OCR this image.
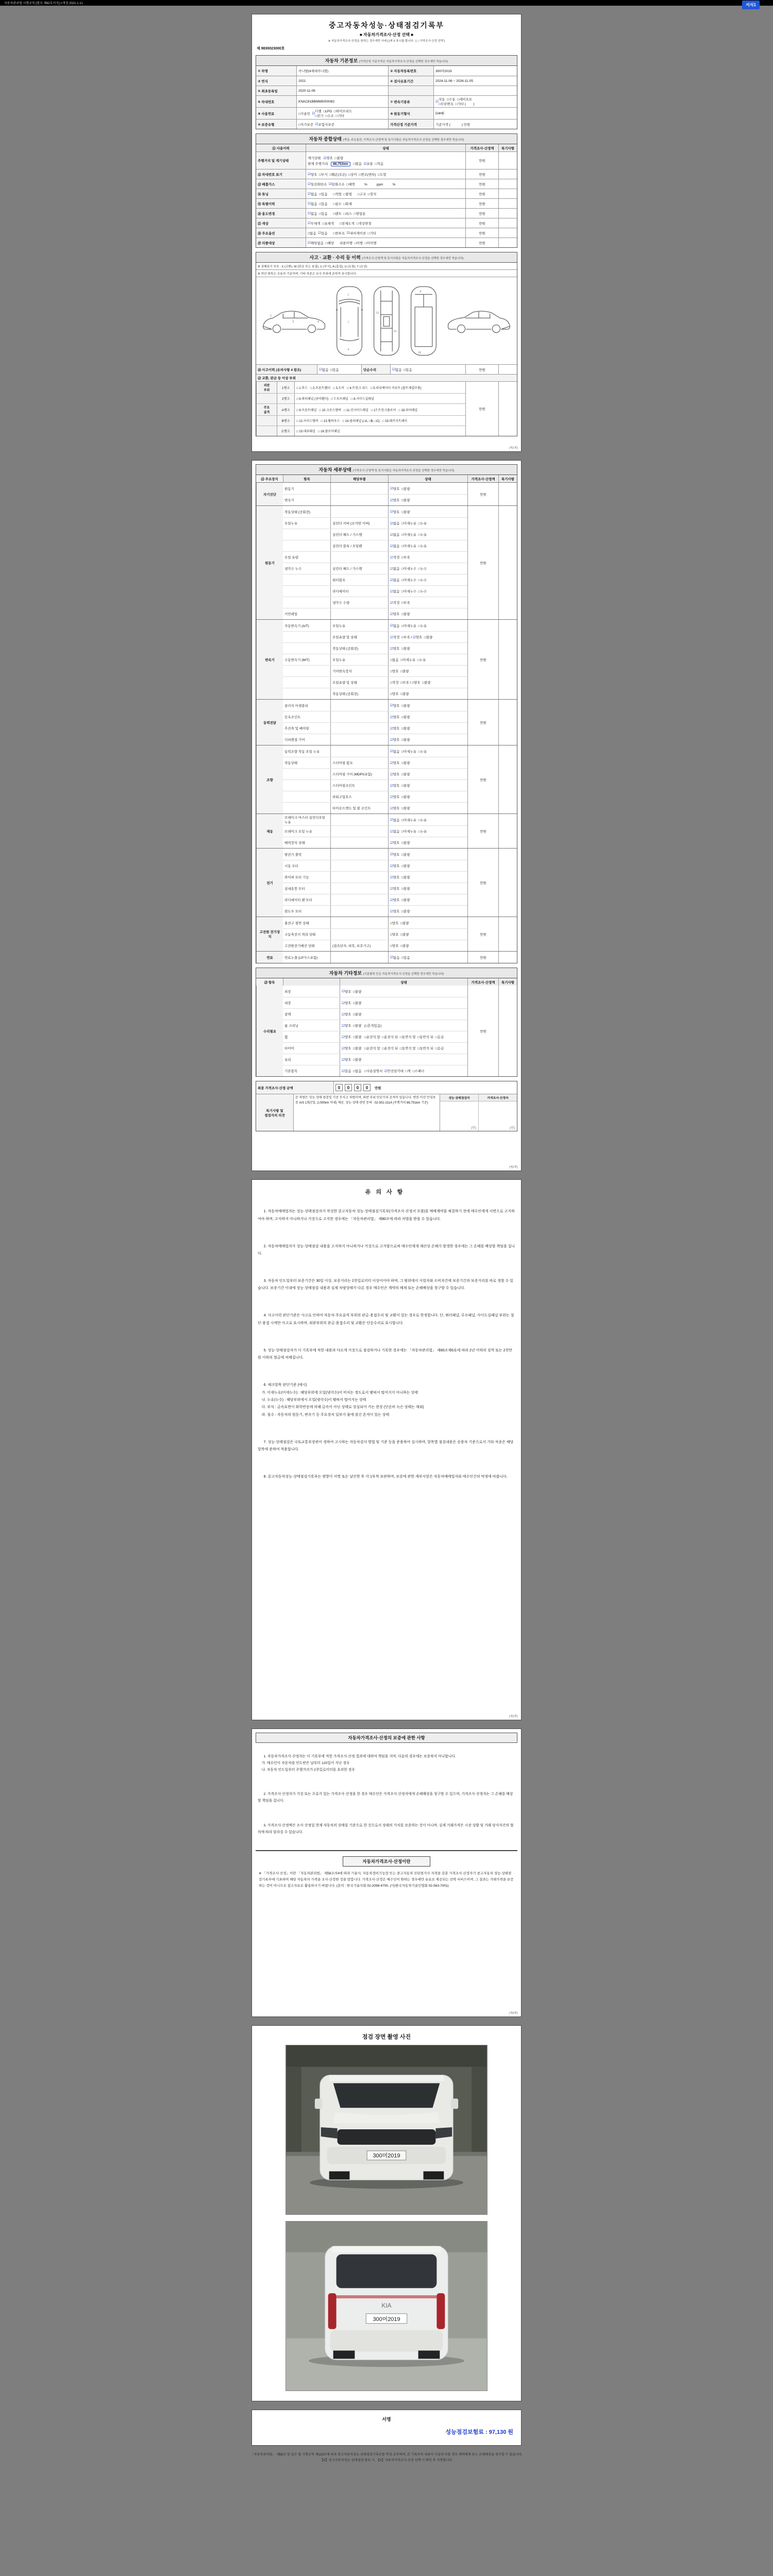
자동차관리법 시행규칙 [별지 제82호서식] <개정 2021.1.1>	서식1
중고자동차성능·상태점검기록부
■ 자동차가격조사·산정 선택 ■
※ 자동차가격조사·산정을 원하는 경우에만 아래 [ ]에 V 표시를 합니다.  [ □ 가격조사·산정 선택 ]
제 9830023000호
자동차 기본정보 (가격산정 기준가격은 자동차가격조사·산정을 선택한 경우에만 적습니다)
① 차명	카니발(4세대카니발)	② 자동차등록번호	300머2019
③ 연식	2021	④ 검사유효기간	2024-11-06 ~ 2026-11-05
⑤ 최초등록일	2020-11-06
⑥ 차대번호	KNAC81BBMM5000082	⑦ 변속기종류	☑
자동  □수동  □세미오토
□무단변속  □기타 (        )
⑧ 사용연료	□가솔린 ☑
디젤  □LPG  □하이브리드
□전기  □수소  □기타
⑨ 원동기형식	D4HE
⑩ 보증유형	□자가보증 ☑ 보험사보증	가격산정 기준가격	기준가격 (            ) 만원
자동차 종합상태 (색상, 주요옵션, 가격조사·산정액 및 특기사항은 자동차가격조사·산정을 선택한 경우에만 적습니다)
⑪ 사용이력	상태	가격조사·산정액	특기사항
주행거리 및 계기상태
계기상태   ☑양호  □불량
현재 주행거리 86,751km □많음  ☑보통  □적음
만원
⑫ 차대번호 표기	☑ 양호  □부식  □훼손(오손)  □상이  □변조(변타)  □도말	만원
⑬ 배출가스	☑ 일산화탄소 ☑ 탄화수소  □매연          %          ppm          %	만원
⑭ 튜닝	☑ 없음  □있음      □적법  □불법      □구조  □장치	만원
⑮ 특별이력	☑ 없음  □있음      □침수  □화재	만원
⑯ 용도변경	☑ 없음  □있음      □렌트  □리스  □영업용	만원
⑰ 색상	☑ 무채색  □유채색      □전체도색  □색상변경	만원
⑱ 주요옵션	□없음 ☑ 있음      □썬루프 ☑ 네비게이션  □기타	만원
⑲ 리콜대상	☑ 해당없음  □해당      리콜이행  □이행  □미이행	만원
사고 · 교환 · 수리 등 이력 (가격조사·산정액 및 특기사항은 자동차가격조사·산정을 선택한 경우에만 적습니다)
※ 상태표시 부호 : X (교환), W (판금 또는 용접), C (부식), A (흠집), U (요철), T (손상)
※ 하단 항목은 승용차 기준이며, 기타 차종은 유사 부위에 준하여 표시합니다.
2
3	6
1
7
4
12
16
9
18
⑳ 사고이력 (유의사항 4 참조)	☑ 없음  □있음	단순수리	☑ 없음  □있음	만원
㉑ 교환, 판금 등 이상 부위
외판
부위
1랭크	□ 1.후드   □ 2.프론트휀더   □ 3.도어   □ 4.트렁크 리드   □ 5.라디에이터 서포트 (볼트체결부품)
2랭크	□ 6.쿼터패널 (리어휀더)   □ 7.루프패널   □ 8.사이드실패널
주요
골격
A랭크	□ 9.프론트패널   □ 10.크로스멤버   □ 11.인사이드패널   □ 17.트렁크플로어   □ 18.리어패널
B랭크	□ 12.사이드멤버   □ 13.휠하우스   □ 14.필러패널 (□A, □B, □C)   □ 19.패키지트레이
C랭크	□ 15.대쉬패널   □ 16.플로어패널
만원
(제1쪽)
자동차 세부상태 (가격조사·산정액 및 특기사항은 자동차가격조사·산정을 선택한 경우에만 적습니다)
㉒ 주요장치	항목	해당부품	상태	가격조사·산정액	특기사항
자기진단
원동기	☑ 양호  □불량
변속기	☑ 양호  □불량
만원
원동기
작동상태 (공회전)	☑ 양호  □불량
오일누유	실린더 커버 (로커암 커버)	☑ 없음  □미세누유  □누유
실린더 헤드 / 가스켓	☑ 없음  □미세누유  □누유
실린더 블록 / 오일팬	☑ 없음  □미세누유  □누유
오일 유량	☑ 적정  □부족
냉각수 누수	실린더 헤드 / 가스켓	☑ 없음  □미세누수  □누수
워터펌프	☑ 없음  □미세누수  □누수
라디에이터	☑ 없음  □미세누수  □누수
냉각수 수량	☑ 적정  □부족
커먼레일	☑ 양호  □불량
만원
변속기
자동변속기 (A/T)	오일누유	☑ 없음  □미세누유  □누유
오일유량 및 상태	☑ 적정  □부족 / ☑ 양호  □불량
작동상태 (공회전)	☑ 양호  □불량
수동변속기 (M/T)	오일누유	□없음  □미세누유  □누유
기어변속장치	□양호  □불량
오일유량 및 상태	□적정  □부족 / □양호  □불량
작동상태 (공회전)	□양호  □불량
만원
동력전달
클러치 어셈블리	☑ 양호  □불량
등속조인트	☑ 양호  □불량
추진축 및 베어링	☑ 양호  □불량
디퍼렌셜 기어	☑ 양호  □불량
만원
조향
동력조향 작동 오일 누유	☑ 없음  □미세누유  □누유
작동상태	스티어링 펌프	☑ 양호  □불량
스티어링 기어 (MDPS포함)	☑ 양호  □불량
스티어링조인트	☑ 양호  □불량
파워고압호스	☑ 양호  □불량
타이로드엔드 및 볼 조인트	☑ 양호  □불량
만원
제동
브레이크 마스터 실린더오일 누유
☑ 없음  □미세누유  □누유
브레이크 오일 누유	☑ 없음  □미세누유  □누유
배력장치 상태	☑ 양호  □불량
만원
전기
발전기 출력	☑ 양호  □불량
시동 모터	☑ 양호  □불량
와이퍼 모터 기능	☑ 양호  □불량
실내송풍 모터	☑ 양호  □불량
라디에이터 팬 모터	☑ 양호  □불량
윈도우 모터	☑ 양호  □불량
만원
고전원 전기장치
충전구 절연 상태	□양호  □불량
구동축전지 격리 상태	□양호  □불량
고전원전기배선 상태	(접속단자, 피복, 보호기구)	□양호  □불량
만원
연료	연료누출 (LP가스포함)	☑ 없음  □있음	만원
자동차 기타정보 (기본품목 등은 자동차가격조사·산정을 선택한 경우에만 적습니다)
㉓ 항목	상태	가격조사·산정액	특기사항
수리필요
외장	☑ 양호  □불량
내장	☑ 양호  □불량
광택	☑ 양호  □불량
룸 크리닝	☑ 양호  □불량   (□흔적있음)
휠	☑ 양호  □불량   □운전석 앞  □운전석 뒤  □동반석 앞  □동반석 뒤  □응급
타이어	☑ 양호  □불량   □운전석 앞  □운전석 뒤  □동반석 앞  □동반석 뒤  □응급
유리	☑ 양호  □불량
기본품목	☑ 있음  □없음   □사용설명서 ☑ 안전삼각대  □잭  □스패너
만원
최종 가격조사·산정 금액	0 0 0 0 만원
특기사항 및
점검자의 의견
본 차량은 성능·상태 점검일 기준 무사고 차량이며, 외판 부위 단순수리 흔적이 있습니다. 엔진·미션 안심보증 A/S 1회(7일, 2,000km 이내) 제공. 성능·상태 관련 문의 : 02-501-2114 (주행거리 86,751km 기준)
성능·상태점검자
(인)
가격조사·산정자
(인)
(제2쪽)
유의사항

1. 자동차매매업자는 성능·상태점검자가 작성한 중고자동차 성능·상태점검기록부(가격조사·산정서 포함)를 매매계약을 체결하기 전에 매수인에게 서면으로 고지하여야 하며, 고지하지 아니하거나 거짓으로 고지한 경우에는 「자동차관리법」 제80조에 따라 처벌을 받을 수 있습니다.

2. 자동차매매업자가 성능·상태점검 내용을 고지하지 아니하거나 거짓으로 고지함으로써 매수인에게 재산상 손해가 발생한 경우에는 그 손해를 배상할 책임을 집니다.

3. 자동차 인도일부터 보증기간은 30일 이상, 보증거리는 2천킬로미터 이상이어야 하며, 그 범위에서 사업자와 소비자간에 보증기간과 보증거리를 따로 정할 수 있습니다. 보증기간 이내에 성능·상태점검 내용과 실제 차량상태가 다른 경우 매수인은 계약의 해제 또는 손해배상을 청구할 수 있습니다.

4. 사고이력 판단기준은 사고로 인하여 자동차 주요골격 부위의 판금·용접수리 및 교환이 있는 경우로 한정합니다. 단, 쿼터패널, 루프패널, 사이드실패널 부위는 절단·용접 시에만 사고로 표시하며, 외판부위의 판금·용접수리 및 교환은 단순수리로 표시합니다.

5. 성능·상태점검자가 이 기록부에 적힌 내용과 다르게 거짓으로 점검하거나 기록한 경우에는 「자동차관리법」 제80조제6호에 따라 2년 이하의 징역 또는 2천만원 이하의 벌금에 처해집니다.

6. 체크항목 판단기준 (예시)
가. 미세누유(미세누수) : 해당부위에 오일(냉각수)이 비치는 정도로서 맺혀서 떨어지지 아니하는 상태
나. 누유(누수) : 해당부위에서 오일(냉각수)이 맺혀서 떨어지는 상태
다. 부식 : 금속표면이 화학반응에 의해 금속이 아닌 상태로 상실되어 가는 현상 (단순히 녹슨 상태는 제외)
라. 침수 : 자동차의 원동기, 변속기 등 주요장치 일부가 물에 잠긴 흔적이 있는 상태

7. 성능·상태점검은 국토교통부장관이 정하여 고시하는 자동차검사 방법 및 기준 등을 준용하여 실시하며, 항목별 점검내용은 승용차 기준으로서 기타 차종은 해당 항목에 준하여 적용합니다.

8. 중고자동차성능·상태점검기록부는 쌍방이 서명 또는 날인한 후 각 1부씩 보관하며, 보증에 관한 세부사항은 자동차매매업자와 매수인간의 약정에 따릅니다.

(제3쪽)
자동차가격조사·산정의 보증에 관한 사항

1. 자동차가격조사·산정자는 이 기록부에 적힌 가격조사·산정 결과에 대하여 책임을 지며, 다음의 경우에는 보증하지 아니합니다.
가. 매수인이 자동차를 인도받은 날부터 120일이 지난 경우
나. 자동차 인도일부터 주행거리가 2천킬로미터를 초과한 경우

2. 가격조사·산정자가 거짓 또는 오류가 있는 가격조사·산정을 한 경우 매수인은 가격조사·산정자에게 손해배상을 청구할 수 있으며, 가격조사·산정자는 그 손해를 배상할 책임을 집니다.

3. 가격조사·산정액은 조사·산정일 현재 자동차의 상태를 기준으로 한 것으로서 장래의 가치를 보증하는 것이 아니며, 실제 거래가격은 시장 상황 및 거래 당사자간의 협의에 따라 달라질 수 있습니다.

자동차가격조사·산정이란
※ 「가격조사·산정」이란 「자동차관리법」 제58조의4에 따라 기술사, 자동차정비기능장 또는 중고자동차 진단평가사 자격을 갖춘 가격조사·산정자가 중고자동차 성능·상태점검기록부에 기초하여 해당 자동차의 가격을 조사·산정한 것을 말합니다. 가격조사·산정은 매수인이 원하는 경우에만 유료로 제공되는 선택 서비스이며, 그 결과는 거래가격을 보증하는 것이 아니므로 참고자료로 활용하시기 바랍니다. (문의 : 한국기술사회 02-2098-4700, (사)한국자동차기술인협회 02-563-7001)
(제4쪽)
점검 장면 촬영 사진
300머2019
KIA
300머2019
서명
성능점검보험료 : 97,130 원
「자동차관리법」 제58조 및 같은 법 시행규칙 제120조에 따라 중고자동차성능·상태점검기록부를 작성·교부하며, 본 기록부의 내용이 사실과 다를 경우 계약해제 또는 손해배상을 청구할 수 있습니다.
【Ⅴ】중고자동차성능·상태점검 종료 시, 【Ⅴ】자동차가격조사·산정 선택 시 확인 후 서명합니다.
